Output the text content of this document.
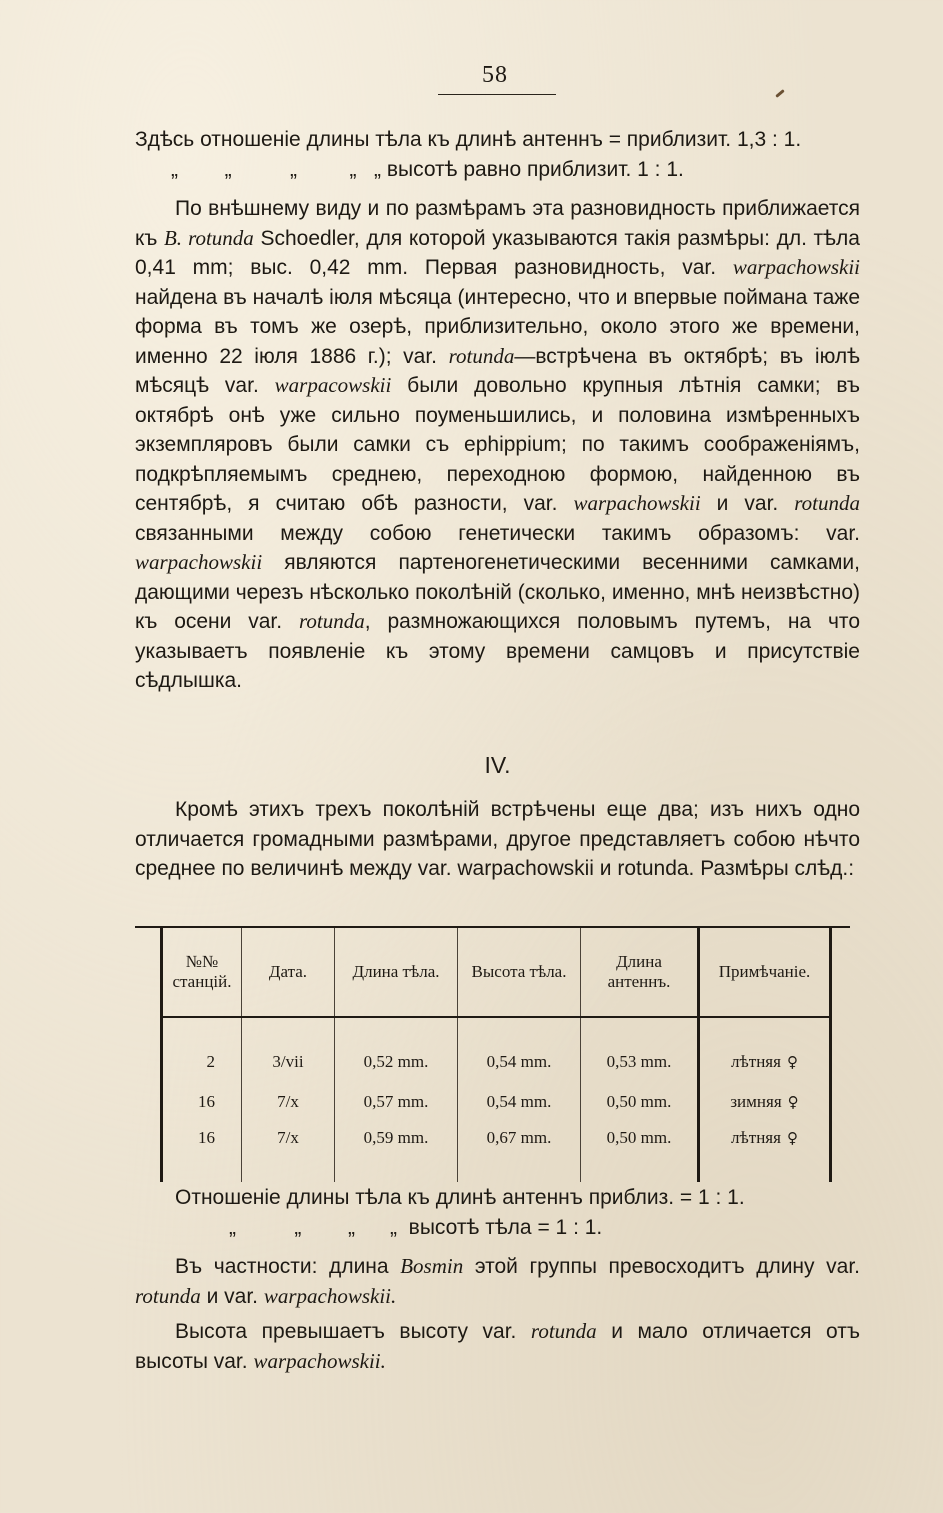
58

Здѣсь отношеніе длины тѣла къ длинѣ антеннъ = приблизит. 1,3 : 1.

„        „          „         „   „ высотѣ равно приблизит. 1 : 1.

По внѣшнему виду и по размѣрамъ эта разновидность приближается къ B. rotunda Schoedler, для которой указываются такія размѣры: дл. тѣла 0,41 mm; выс. 0,42 mm. Первая разновидность, var. warpachowskii найдена въ началѣ іюля мѣсяца (интересно, что и впервые поймана таже форма въ томъ же озерѣ, приблизительно, около этого же времени, именно 22 іюля 1886 г.); var. rotunda—встрѣчена въ октябрѣ; въ іюлѣ мѣсяцѣ var. warpacowskii были довольно крупныя лѣтнія самки; въ октябрѣ онѣ уже сильно поуменьшились, и половина измѣренныхъ экземпляровъ были самки съ ephippium; по такимъ соображеніямъ, подкрѣпляемымъ среднею, переходною формою, найденною въ сентябрѣ, я считаю обѣ разности, var. warpachowskii и var. rotunda связанными между собою генетически такимъ образомъ: var. warpachowskii являются партеногенетическими весенними самками, дающими черезъ нѣсколько поколѣній (сколько, именно, мнѣ неизвѣстно) къ осени var. rotunda, размножающихся половымъ путемъ, на что указываетъ появленіе къ этому времени самцовъ и присутствіе сѣдлышка.

IV.

Кромѣ этихъ трехъ поколѣній встрѣчены еще два; изъ нихъ одно отличается громадными размѣрами, другое представляетъ собою нѣчто среднее по величинѣ между var. warpachowskii и rotunda. Размѣры слѣд.:

№№ станцій.	Дата.	Длина тѣла.	Высота тѣла.	Длина антеннъ.	Примѣчаніе.
2	3/vii	0,52 mm.	0,54 mm.	0,53 mm.	лѣтняя ♀
16	7/x	0,57 mm.	0,54 mm.	0,50 mm.	зимняя ♀
16	7/x	0,59 mm.	0,67 mm.	0,50 mm.	лѣтняя ♀

Отношеніе длины тѣла къ длинѣ антеннъ приблиз. = 1 : 1.

„          „        „      „  высотѣ тѣла = 1 : 1.

Въ частности: длина Bosmin этой группы превосходитъ длину var. rotunda и var. warpachowskii.

Высота превышаетъ высоту var. rotunda и мало отличается отъ высоты var. warpachowskii.
